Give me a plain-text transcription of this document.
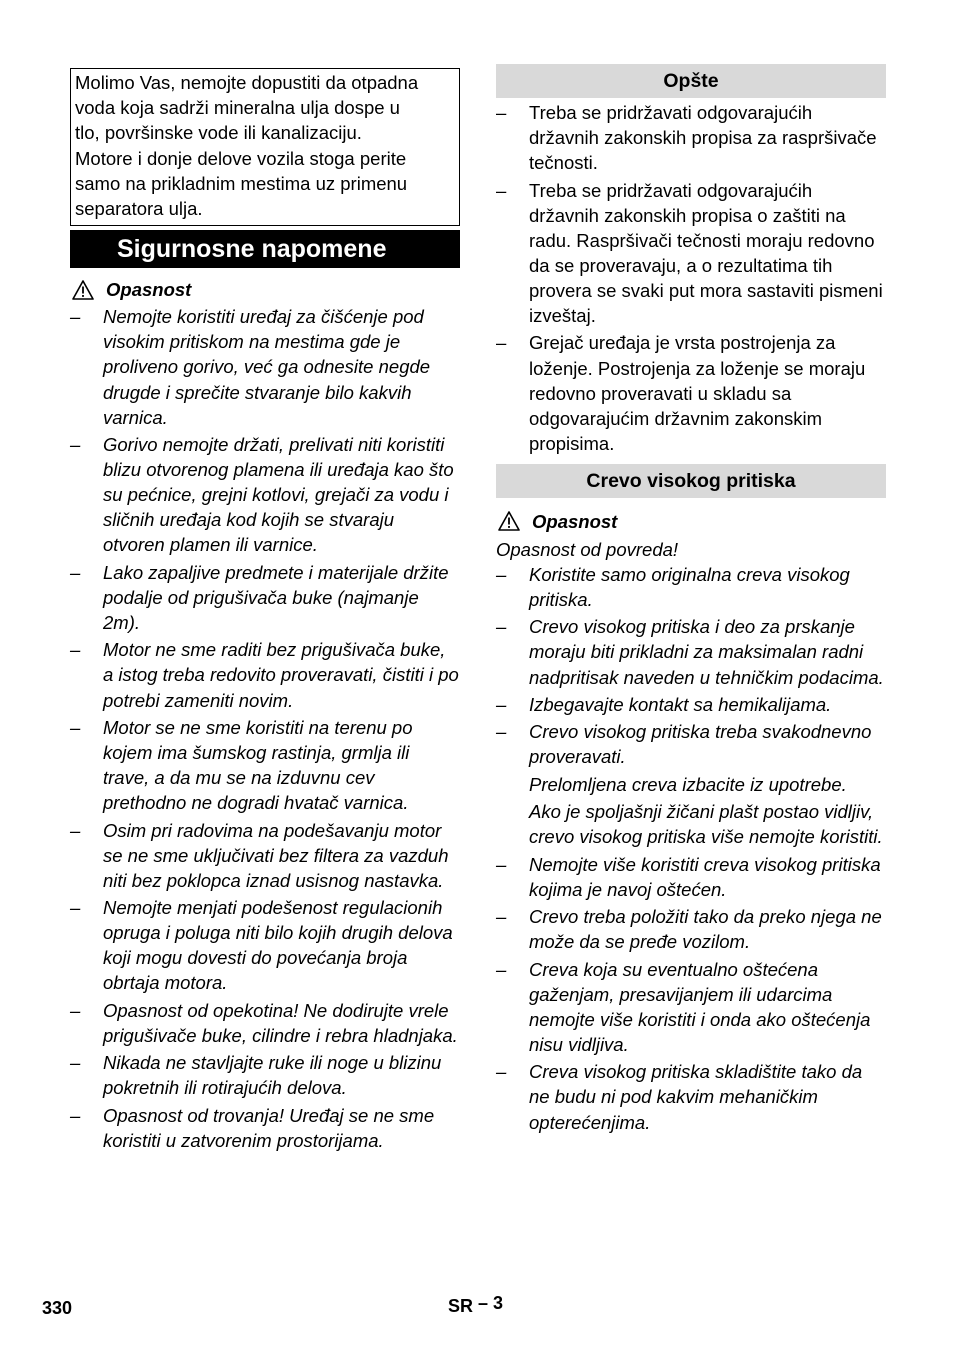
Molimo Vas, nemojte dopustiti da otpadna
voda koja sadrži mineralna ulja dospe u
tlo, površinske vode ili kanalizaciju.
Motore i donje delove vozila stoga perite
samo na prikladnim mestima uz primenu
separatora ulja.
Sigurnosne napomene
Opasnost
– Nemojte koristiti uređaj za čišćenje pod visokim pritiskom na mestima gde je proliveno gorivo, već ga odnesite negde drugde i sprečite stvaranje bilo kakvih varnica.
– Gorivo nemojte držati, prelivati niti koristiti blizu otvorenog plamena ili uređaja kao što su pećnice, grejni kotlovi, grejači za vodu i sličnih uređaja kod kojih se stvaraju otvoren plamen ili varnice.
– Lako zapaljive predmete i materijale držite podalje od prigušivača buke (najmanje 2m).
– Motor ne sme raditi bez prigušivača buke, a istog treba redovito proveravati, čistiti i po potrebi zameniti novim.
– Motor se ne sme koristiti na terenu po kojem ima šumskog rastinja, grmlja ili trave, a da mu se na izduvnu cev prethodno ne dogradi hvatač varnica.
– Osim pri radovima na podešavanju motor se ne sme uključivati bez filtera za vazduh niti bez poklopca iznad usisnog nastavka.
– Nemojte menjati podešenost regulacionih opruga i poluga niti bilo kojih drugih delova koji mogu dovesti do povećanja broja obrtaja motora.
– Opasnost od opekotina! Ne dodirujte vrele prigušivače buke, cilindre i rebra hladnjaka.
– Nikada ne stavljajte ruke ili noge u blizinu pokretnih ili rotirajućih delova.
– Opasnost od trovanja! Uređaj se ne sme koristiti u zatvorenim prostorijama.
Opšte
– Treba se pridržavati odgovarajućih državnih zakonskih propisa za raspršivače tečnosti.
– Treba se pridržavati odgovarajućih državnih zakonskih propisa o zaštiti na radu. Raspršivači tečnosti moraju redovno da se proveravaju, a o rezultatima tih provera se svaki put mora sastaviti pismeni izveštaj.
– Grejač uređaja je vrsta postrojenja za loženje. Postrojenja za loženje se moraju redovno proveravati u skladu sa odgovarajućim državnim zakonskim propisima.
Crevo visokog pritiska
Opasnost
Opasnost od povreda!
– Koristite samo originalna creva visokog pritiska.
– Crevo visokog pritiska i deo za prskanje moraju biti prikladni za maksimalan radni nadpritisak naveden u tehničkim podacima.
– Izbegavajte kontakt sa hemikalijama.
– Crevo visokog pritiska treba svakodnevno proveravati.
Prelomljena creva izbacite iz upotrebe.
Ako je spoljašnji žičani plašt postao vidljiv, crevo visokog pritiska više nemojte koristiti.
– Nemojte više koristiti creva visokog pritiska kojima je navoj oštećen.
– Crevo treba položiti tako da preko njega ne može da se pređe vozilom.
– Creva koja su eventualno oštećena gaženjam, presavijanjem ili udarcima nemojte više koristiti i onda ako oštećenja nisu vidljiva.
– Creva visokog pritiska skladištite tako da ne budu ni pod kakvim mehaničkim opterećenjima.
330	SR – 3
